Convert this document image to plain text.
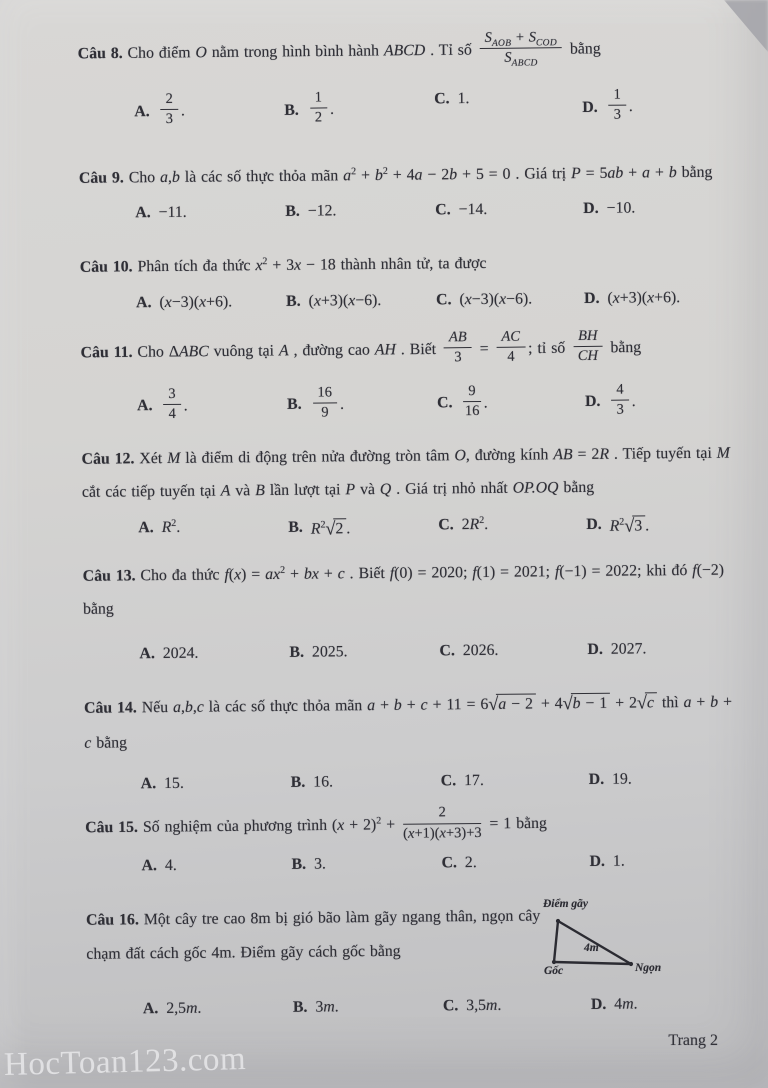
Câu 8. Cho điểm O nằm trong hình bình hành ABCD . Tỉ số $\frac{S_{AOB} + S_{COD}}{S_{ABCD}}$ bằng
A. $\frac{2}{3}$ .	B. $\frac{1}{2}$ .
C. 1.
D. $\frac{1}{3}$ .
Câu 9. Cho a,b là các số thực thỏa mãn $a^2 + b^2 + 4a - 2b + 5 = 0$ . Giá trị P = 5ab + a + b bằng
A. −11.	B. −12.	C. −14.	D. −10.
Câu 10. Phân tích đa thức $x^2 + 3x - 18$ thành nhân tử, ta được
A. (x−3)(x+6).	B. (x+3)(x−6).	C. (x−3)(x−6).	D. (x+3)(x+6).
Câu 11. Cho ΔABC vuông tại A , đường cao AH . Biết $\frac{AB}{3} = \frac{AC}{4}$ ; tỉ số $\frac{BH}{CH}$ bằng
A. $\frac{3}{4}$ .	B. $\frac{16}{9}$ .	C. $\frac{9}{16}$ .	D. $\frac{4}{3}$ .
Câu 12. Xét M là điểm di động trên nửa đường tròn tâm O, đường kính AB = 2R . Tiếp tuyến tại M cắt các tiếp tuyến tại A và B lần lượt tại P và Q . Giá trị nhỏ nhất OP.OQ bằng
A. $R^2$.	B. $R^2√2$ .	C. $2R^2$.	D. $R^2√3$ .
Câu 13. Cho đa thức $f(x) = ax^2$ + bx + c . Biết f(0) = 2020; f(1) = 2021; f(−1) = 2022; khi đó f(−2) bằng
A. 2024.	B. 2025.	C. 2026.	D. 2027.
Câu 14. Nếu a,b,c là các số thực thỏa mãn a + b + c + 11 = 6√a − 2 + 4√b − 1 + 2√c thì a + b + c bằng
A. 15.	B. 16.	C. 17.	D. 19.
Câu 15. Số nghiệm của phương trình $(x + 2)^2 + \frac{2}{(x+1)(x+3)+3} = 1$ bằng
A. 4.	B. 3.	C. 2.	D. 1.
Câu 16. Một cây tre cao 8m bị gió bão làm gãy ngang thân, ngọn cây chạm đất cách gốc 4m. Điểm gãy cách gốc bằng
A. 2,5m.	B. 3m.	C. 3,5m.	D. 4m.
Điểm gãy
4m
Gốc	Ngọn
Trang 2
HocToan123.com
